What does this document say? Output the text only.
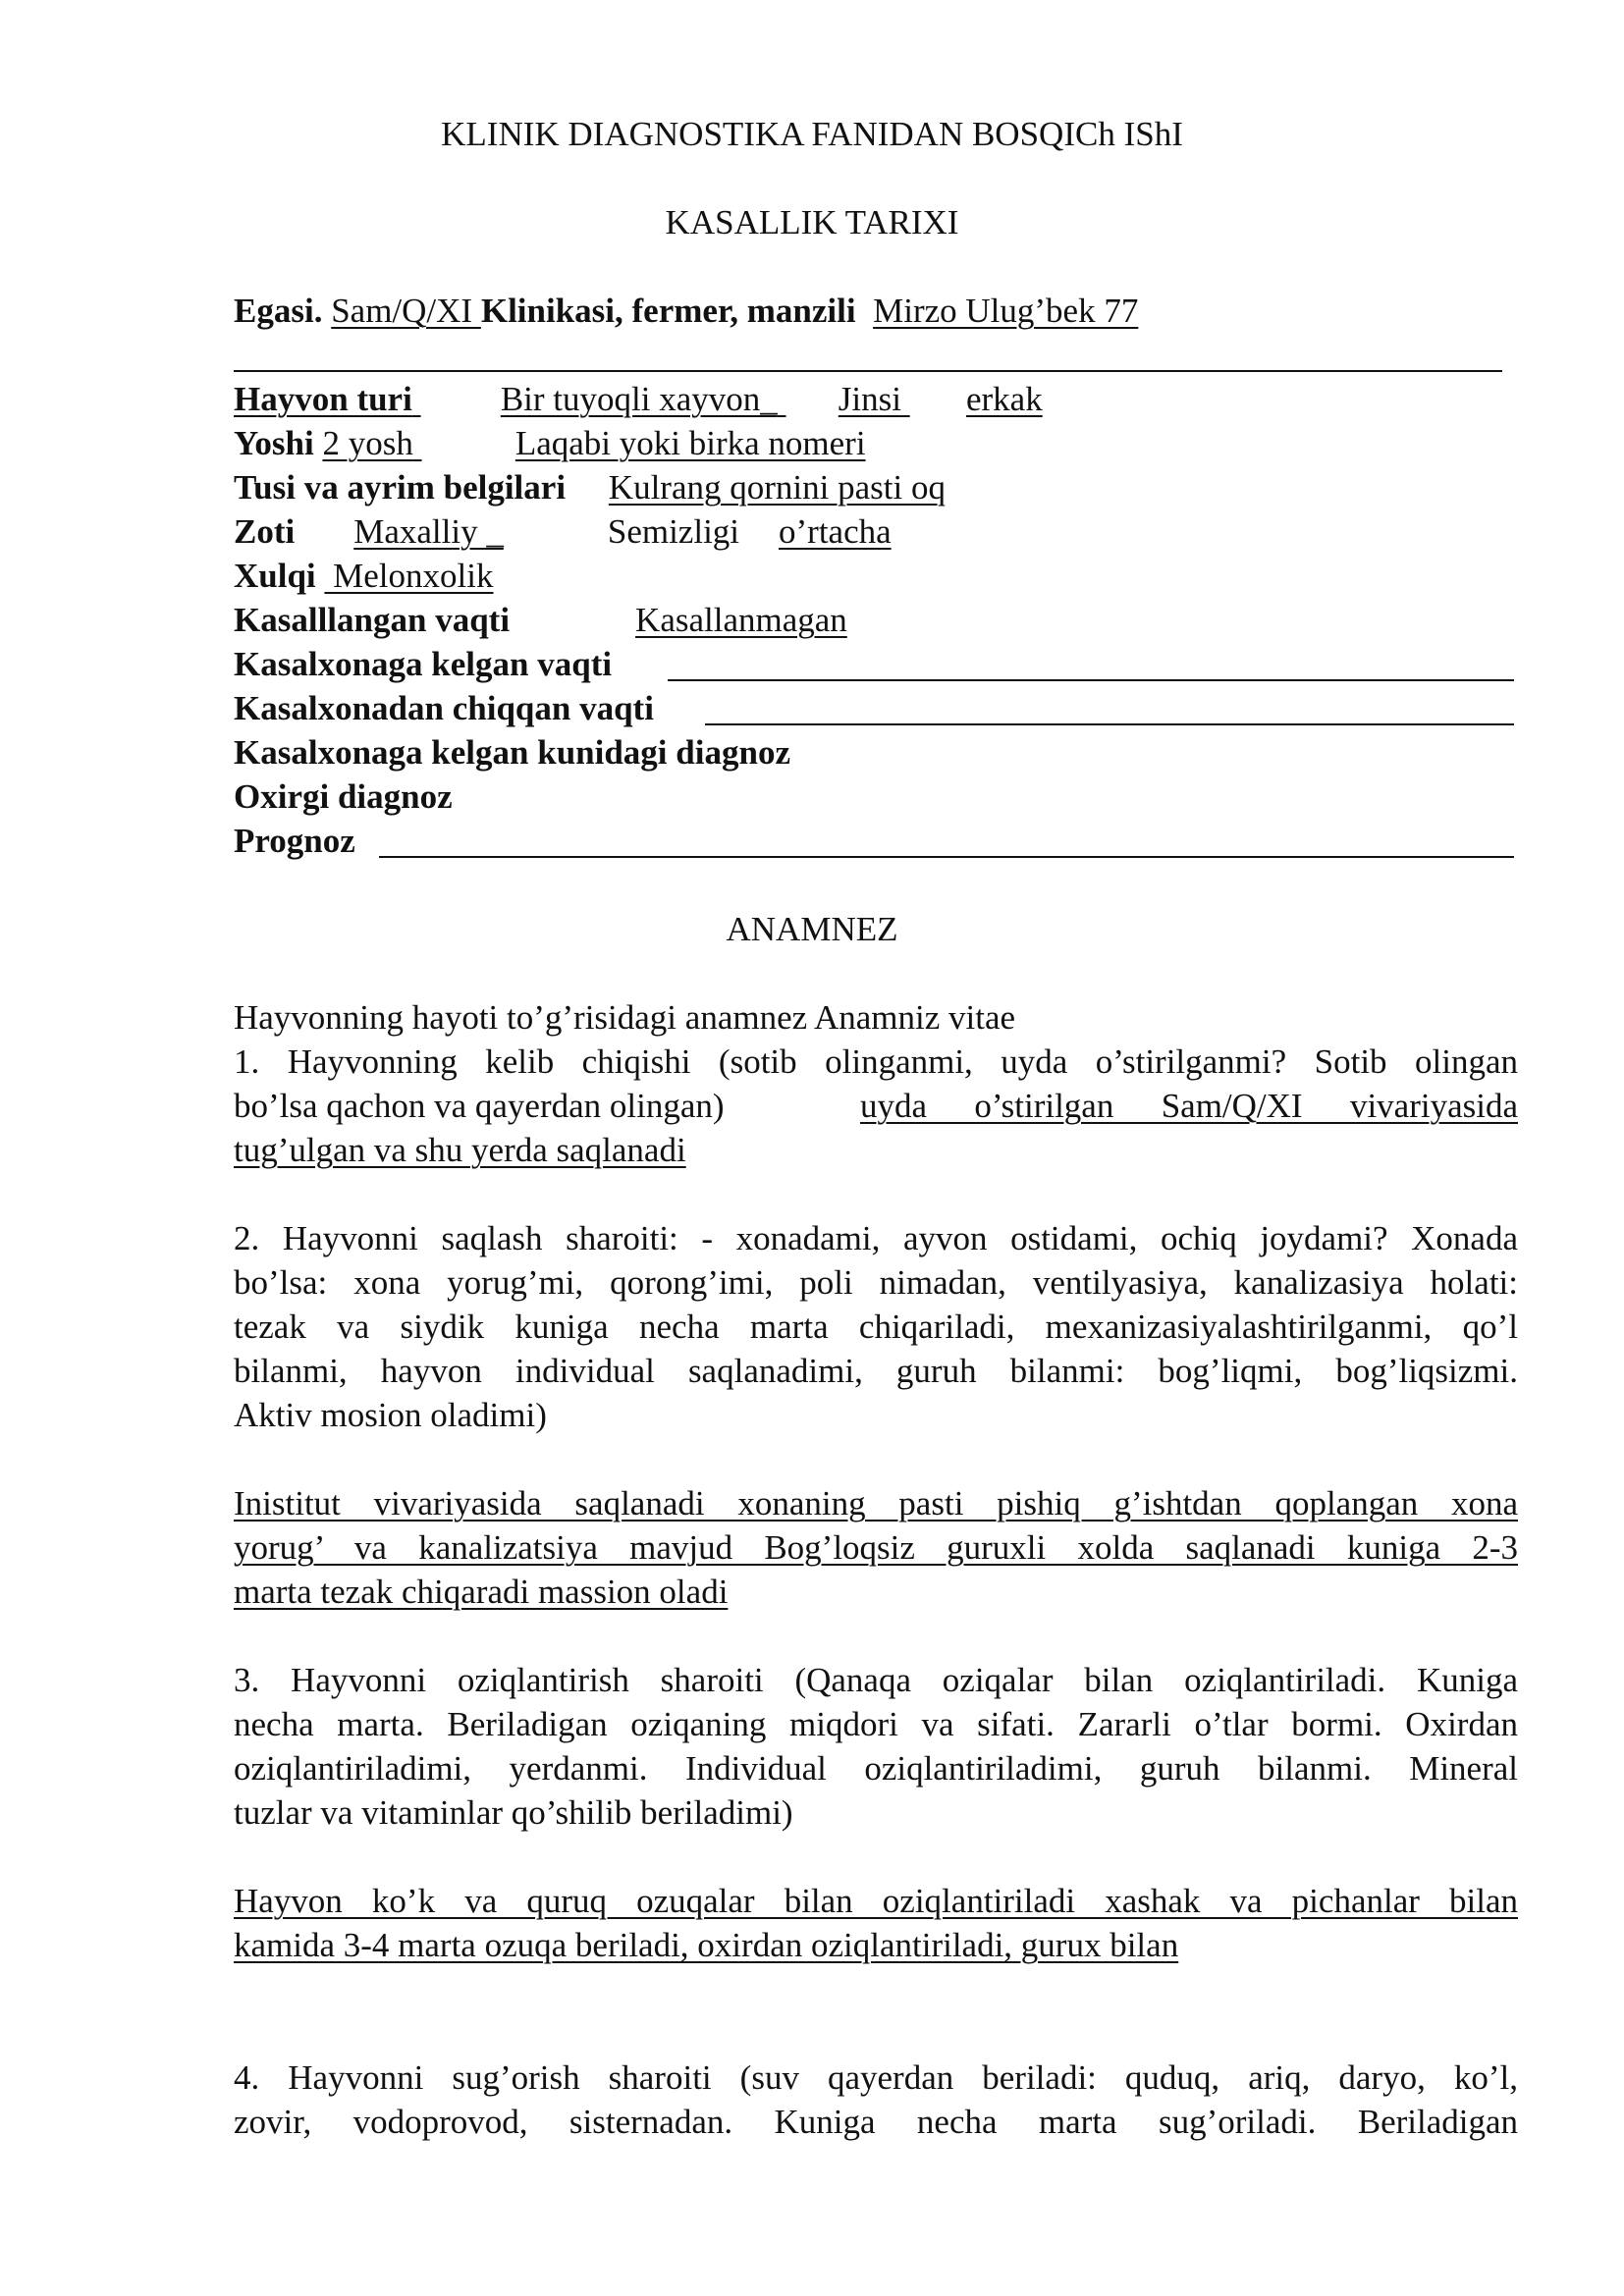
KLINIK DIAGNOSTIKA FANIDAN BOSQICh IShI
KASALLIK TARIXI
Egasi. Sam/Q/XI Klinikasi, fermer, manzili Mirzo Ulug’bek 77
Hayvon turi	Bir tuyoqli xayvon_ Jinsi erkak
Yoshi 2 yosh	Laqabi yoki birka nomeri
Tusi va ayrim belgilari Kulrang qornini pasti oq
Zoti Maxalliy _	Semizligi o’rtacha
Xulqi  Melonxolik
Kasalllangan vaqti	Kasallanmagan
Kasalxonaga kelgan vaqti
Kasalxonadan chiqqan vaqti
Kasalxonaga kelgan kunidagi diagnoz
Oxirgi diagnoz
Prognoz
ANAMNEZ
Hayvonning hayoti to’g’risidagi anamnez Anamniz vitae
1. Hayvonning kelib chiqishi (sotib olinganmi, uyda o’stirilganmi? Sotib olingan
bo’lsa qachon va qayerdan olingan)	uyda o’stirilgan Sam/Q/XI vivariyasida
tug’ulgan va shu yerda saqlanadi
2. Hayvonni saqlash sharoiti: - xonadami, ayvon ostidami, ochiq joydami? Xonada
bo’lsa: xona yorug’mi, qorong’imi, poli nimadan, ventilyasiya, kanalizasiya holati:
tezak va siydik kuniga necha marta chiqariladi, mexanizasiyalashtirilganmi, qo’l
bilanmi, hayvon individual saqlanadimi, guruh bilanmi: bog’liqmi, bog’liqsizmi.
Aktiv mosion oladimi)
Inistitut vivariyasida saqlanadi xonaning pasti pishiq g’ishtdan qoplangan xona
yorug’ va kanalizatsiya mavjud Bog’loqsiz guruxli xolda saqlanadi kuniga 2-3
marta tezak chiqaradi massion oladi
3. Hayvonni oziqlantirish sharoiti (Qanaqa oziqalar bilan oziqlantiriladi. Kuniga
necha marta. Beriladigan oziqaning miqdori va sifati. Zararli o’tlar bormi. Oxirdan
oziqlantiriladimi, yerdanmi. Individual oziqlantiriladimi, guruh bilanmi. Mineral
tuzlar va vitaminlar qo’shilib beriladimi)
Hayvon ko’k va quruq ozuqalar bilan oziqlantiriladi xashak va pichanlar bilan
kamida 3-4 marta ozuqa beriladi, oxirdan oziqlantiriladi, gurux bilan
4. Hayvonni sug’orish sharoiti (suv qayerdan beriladi: quduq, ariq, daryo, ko’l,
zovir, vodoprovod, sisternadan. Kuniga necha marta sug’oriladi. Beriladigan
